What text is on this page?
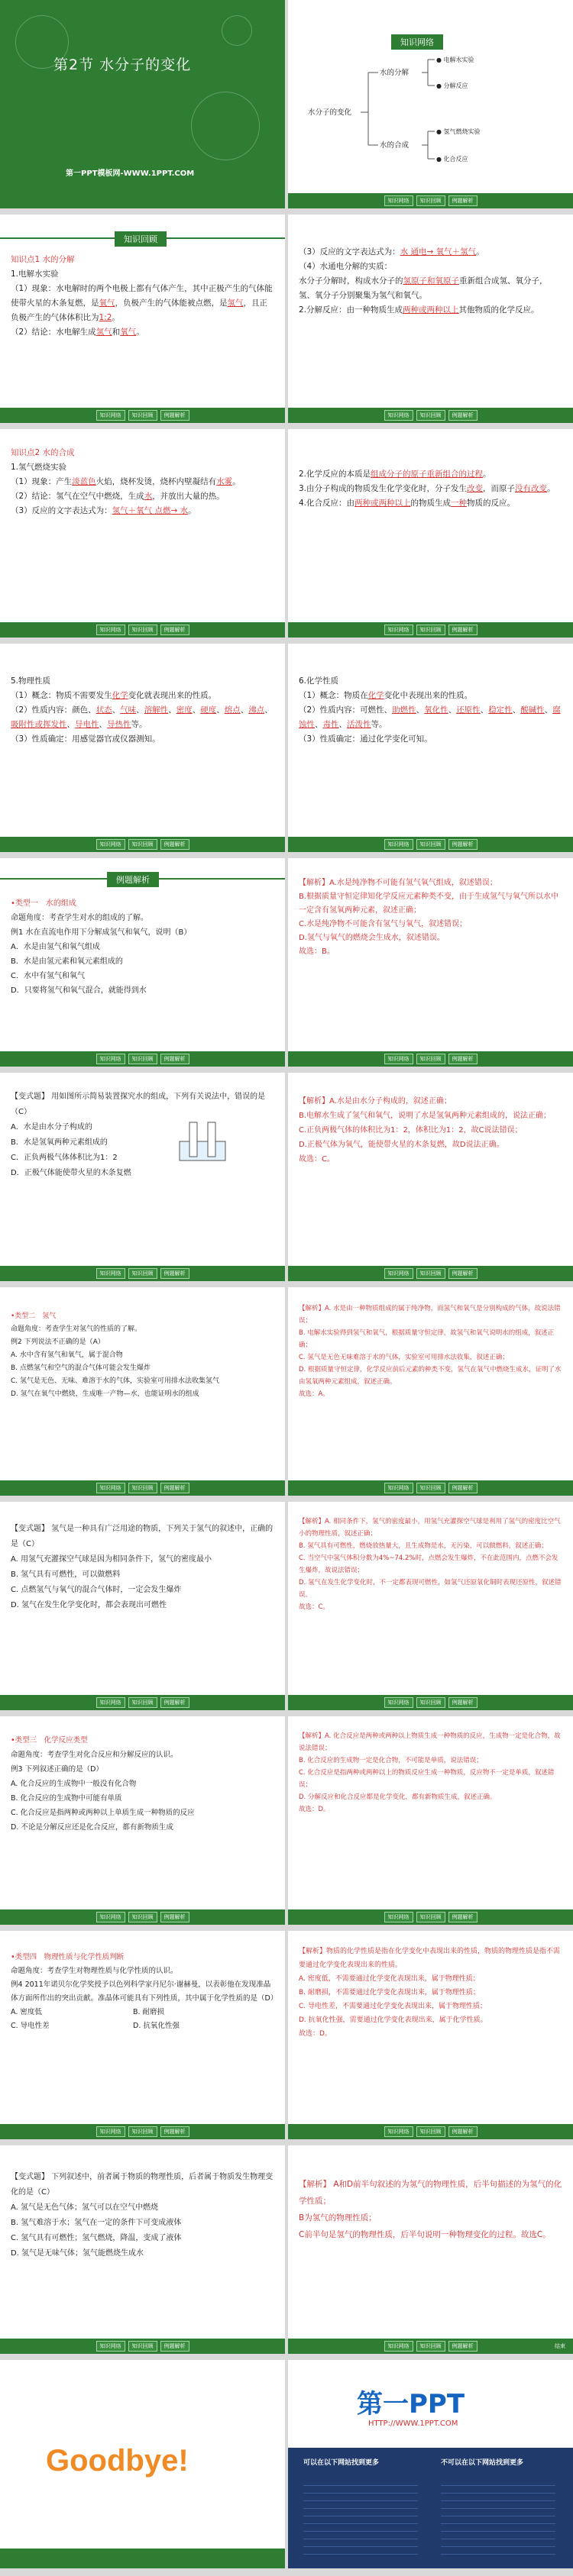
第2节 水分子的变化
第一PPT模板网-WWW.1PPT.COM
知识网络
水分子的变化
水的分解
水的合成
● 电解水实验
● 分解反应
● 氢气燃烧实验
● 化合反应
知识网络	知识回顾	例题解析
知识回顾

知识点1 水的分解

1.电解水实验

（1）现象：水电解时的两个电极上都有气体产生，其中正极产生的气体能使带火星的木条复燃，是氧气，负极产生的气体能被点燃，是氢气，且正负极产生的气体体积比为1:2。

（2）结论：水电解生成氢气和氧气。

知识网络	知识回顾	例题解析

（3）反应的文字表达式为：水 通电→ 氧气＋氢气。

（4）水通电分解的实质：

水分子分解时，构成水分子的氢原子和氧原子重新组合成氢、氧分子，氢、氧分子分别聚集为氢气和氧气。

2.分解反应：由一种物质生成两种或两种以上其他物质的化学反应。

知识网络	知识回顾	例题解析

知识点2 水的合成

1.氢气燃烧实验

（1）现象：产生淡蓝色火焰，烧杯发烫，烧杯内壁凝结有水雾。

（2）结论：氢气在空气中燃烧，生成水，并放出大量的热。

（3）反应的文字表达式为：氢气＋氧气 点燃→ 水。

知识网络	知识回顾	例题解析

2.化学反应的本质是组成分子的原子重新组合的过程。

3.由分子构成的物质发生化学变化时，分子发生改变，而原子没有改变。

4.化合反应：由两种或两种以上的物质生成一种物质的反应。

知识网络	知识回顾	例题解析

5.物理性质

（1）概念：物质不需要发生化学变化就表现出来的性质。

（2）性质内容：颜色、状态、气味、溶解性、密度、硬度、熔点、沸点、吸附性或挥发性、导电性、导热性等。

（3）性质确定：用感觉器官或仪器测知。

知识网络	知识回顾	例题解析

6.化学性质

（1）概念：物质在化学变化中表现出来的性质。

（2）性质内容：可燃性、助燃性、氧化性、还原性、稳定性、酸碱性、腐蚀性、毒性、活泼性等。

（3）性质确定：通过化学变化可知。

知识网络	知识回顾	例题解析
例题解析

•类型一　水的组成

命题角度：考查学生对水的组成的了解。

例1 水在直流电作用下分解成氢气和氧气，说明（B）

A．水是由氢气和氧气组成

B．水是由氢元素和氧元素组成的

C．水中有氢气和氧气

D．只要将氢气和氧气混合，就能得到水

知识网络	知识回顾	例题解析

【解析】A.水是纯净物不可能有氢气氧气组成，叙述错误；

B.根据质量守恒定律知化学反应元素种类不变，由于生成氢气与氧气所以水中一定含有氢氧两种元素，叙述正确；

C.水是纯净物不可能含有氢气与氧气，叙述错误；

D.氢气与氧气的燃烧会生成水，叙述错误。

故选：B。

知识网络	知识回顾	例题解析

【变式题】 用如图所示简易装置探究水的组成，下列有关说法中，错误的是（C）

A．水是由水分子构成的

B．水是氢氧两种元素组成的

C．正负两极气体体积比为1：2

D．正极气体能使带火星的木条复燃

知识网络	知识回顾	例题解析

【解析】A.水是由水分子构成的，叙述正确；

B.电解水生成了氢气和氧气，说明了水是氢氧两种元素组成的，说法正确；

C.正负两极气体的体积比为1：2，体积比为1：2，故C说法错误；

D.正极气体为氧气，能使带火星的木条复燃，故D说法正确。

故选：C。

知识网络	知识回顾	例题解析

•类型二　氢气

命题角度：考查学生对氢气的性质的了解。

例2 下列说法不正确的是（A）

A. 水中含有氢气和氧气，属于混合物

B. 点燃氢气和空气的混合气体可能会发生爆炸

C. 氢气是无色、无味、难溶于水的气体，实验室可用排水法收集氢气

D. 氢气在氧气中燃烧，生成唯一产物—水，也能证明水的组成

知识网络	知识回顾	例题解析

【解析】A. 水是由一种物质组成的属于纯净物，而氢气和氧气是分别构成的气体，故说法错误；

B. 电解水实验得到氢气和氧气，根据质量守恒定律，故氢气和氧气说明水的组成，叙述正确；

C. 氢气是无色无味难溶于水的气体，实验室可用排水法收集，叙述正确；

D. 根据质量守恒定律，化学反应前后元素的种类不变，氢气在氧气中燃烧生成水，证明了水由氢氧两种元素组成，叙述正确。

故选：A。

知识网络	知识回顾	例题解析

【变式题】 氢气是一种具有广泛用途的物质，下列关于氢气的叙述中，正确的是（C）

A. 用氢气充灌探空气球是因为相同条件下，氢气的密度最小

B. 氢气具有可燃性，可以做燃料

C. 点燃氢气与氧气的混合气体时，一定会发生爆炸

D. 氢气在发生化学变化时，都会表现出可燃性

知识网络	知识回顾	例题解析

【解析】A. 相同条件下，氢气的密度最小，用氢气充灌探空气球是利用了氢气的密度比空气小的物理性质，叙述正确；

B. 氢气具有可燃性，燃烧放热量大，且生成物是水，无污染，可以做燃料，叙述正确；

C. 当空气中氢气体积分数为4%~74.2%时，点燃会发生爆炸，不在此范围内，点燃不会发生爆炸，故说法错误；

D. 氢气在发生化学变化时，不一定都表现可燃性，如氢气还原氧化铜时表现还原性，叙述错误。

故选：C。

知识网络	知识回顾	例题解析

•类型三　化学反应类型

命题角度：考查学生对化合反应和分解反应的认识。

例3 下列叙述正确的是（D）

A. 化合反应的生成物中一般没有化合物

B. 化合反应的生成物中可能有单质

C. 化合反应是指两种或两种以上单质生成一种物质的反应

D. 不论是分解反应还是化合反应，都有新物质生成

知识网络	知识回顾	例题解析

【解析】A. 化合反应是两种或两种以上物质生成一种物质的反应，生成物一定是化合物，故说法错误；

B. 化合反应的生成物一定是化合物，不可能是单质，说法错误；

C. 化合反应是指两种或两种以上的物质反应生成一种物质，反应物不一定是单质，叙述错误；

D. 分解反应和化合反应都是化学变化，都有新物质生成，叙述正确。

故选：D。

知识网络	知识回顾	例题解析

•类型四　物理性质与化学性质判断

命题角度：考查学生对物理性质与化学性质的认识。

例4 2011年诺贝尔化学奖授予以色列科学家丹尼尔·谢赫曼，以表彰他在发现准晶体方面所作出的突出贡献。准晶体可能具有下列性质，其中属于化学性质的是（D）

A. 密度低	B. 耐磨损

C. 导电性差	D. 抗氧化性强

知识网络	知识回顾	例题解析

【解析】物质的化学性质是指在化学变化中表现出来的性质，物质的物理性质是指不需要通过化学变化表现出来的性质。

A. 密度低，不需要通过化学变化表现出来，属于物理性质；

B. 耐磨损，不需要通过化学变化表现出来，属于物理性质；

C. 导电性差，不需要通过化学变化表现出来，属于物理性质；

D. 抗氧化性强，需要通过化学变化表现出来，属于化学性质。

故选：D。

知识网络	知识回顾	例题解析

【变式题】 下列叙述中，前者属于物质的物理性质，后者属于物质发生物理变化的是（C）

A. 氢气是无色气体；氢气可以在空气中燃烧

B. 氢气难溶于水；氢气在一定的条件下可变成液体

C. 氢气具有可燃性；氢气燃烧，降温，变成了液体

D. 氢气是无味气体；氢气能燃烧生成水

知识网络	知识回顾	例题解析

【解析】 A和D前半句叙述的为氢气的物理性质，后半句描述的为氢气的化学性质；

B为氢气的物理性质；

C前半句是氢气的物理性质，后半句说明一种物理变化的过程。故选C。

知识网络	知识回顾	例题解析	结束
Goodbye!
第一PPT
HTTP://WWW.1PPT.COM
可以在以下网站找到更多	不可以在以下网站找到更多
